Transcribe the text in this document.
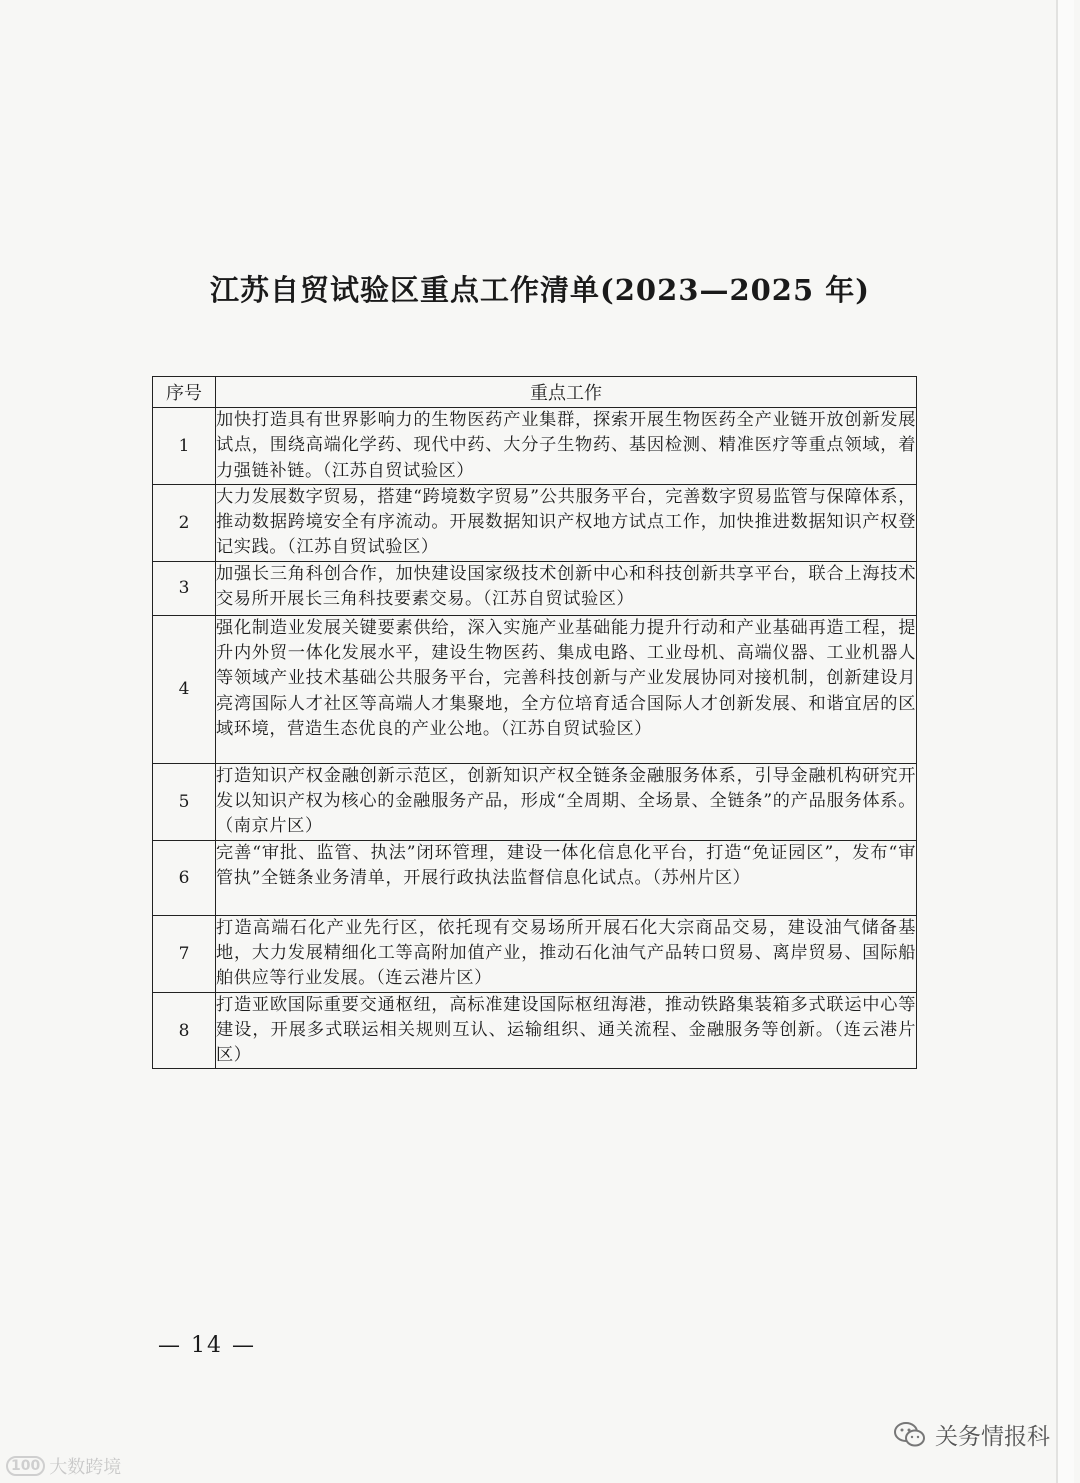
江苏自贸试验区重点工作清单(2023—2025 年)
序号	重点工作
1	加快打造具有世界影响力的生物医药产业集群，探索开展生物医药全产业链开放创新发展试点，围绕高端化学药、现代中药、大分子生物药、基因检测、精准医疗等重点领域，着力强链补链。（江苏自贸试验区）
2	大力发展数字贸易，搭建“跨境数字贸易”公共服务平台，完善数字贸易监管与保障体系，推动数据跨境安全有序流动。开展数据知识产权地方试点工作，加快推进数据知识产权登记实践。（江苏自贸试验区）
3	加强长三角科创合作，加快建设国家级技术创新中心和科技创新共享平台，联合上海技术交易所开展长三角科技要素交易。（江苏自贸试验区）
4	强化制造业发展关键要素供给，深入实施产业基础能力提升行动和产业基础再造工程，提升内外贸一体化发展水平，建设生物医药、集成电路、工业母机、高端仪器、工业机器人等领域产业技术基础公共服务平台，完善科技创新与产业发展协同对接机制，创新建设月亮湾国际人才社区等高端人才集聚地，全方位培育适合国际人才创新发展、和谐宜居的区域环境，营造生态优良的产业公地。（江苏自贸试验区）
5	打造知识产权金融创新示范区，创新知识产权全链条金融服务体系，引导金融机构研究开发以知识产权为核心的金融服务产品，形成“全周期、全场景、全链条”的产品服务体系。（南京片区）
6	完善“审批、监管、执法”闭环管理，建设一体化信息化平台，打造“免证园区”，发布“审管执”全链条业务清单，开展行政执法监督信息化试点。（苏州片区）
7	打造高端石化产业先行区，依托现有交易场所开展石化大宗商品交易，建设油气储备基地，大力发展精细化工等高附加值产业，推动石化油气产品转口贸易、离岸贸易、国际船舶供应等行业发展。（连云港片区）
8	打造亚欧国际重要交通枢纽，高标准建设国际枢纽海港，推动铁路集装箱多式联运中心等建设，开展多式联运相关规则互认、运输组织、通关流程、金融服务等创新。（连云港片区）
— 14 —
100 大数跨境
关务情报科
